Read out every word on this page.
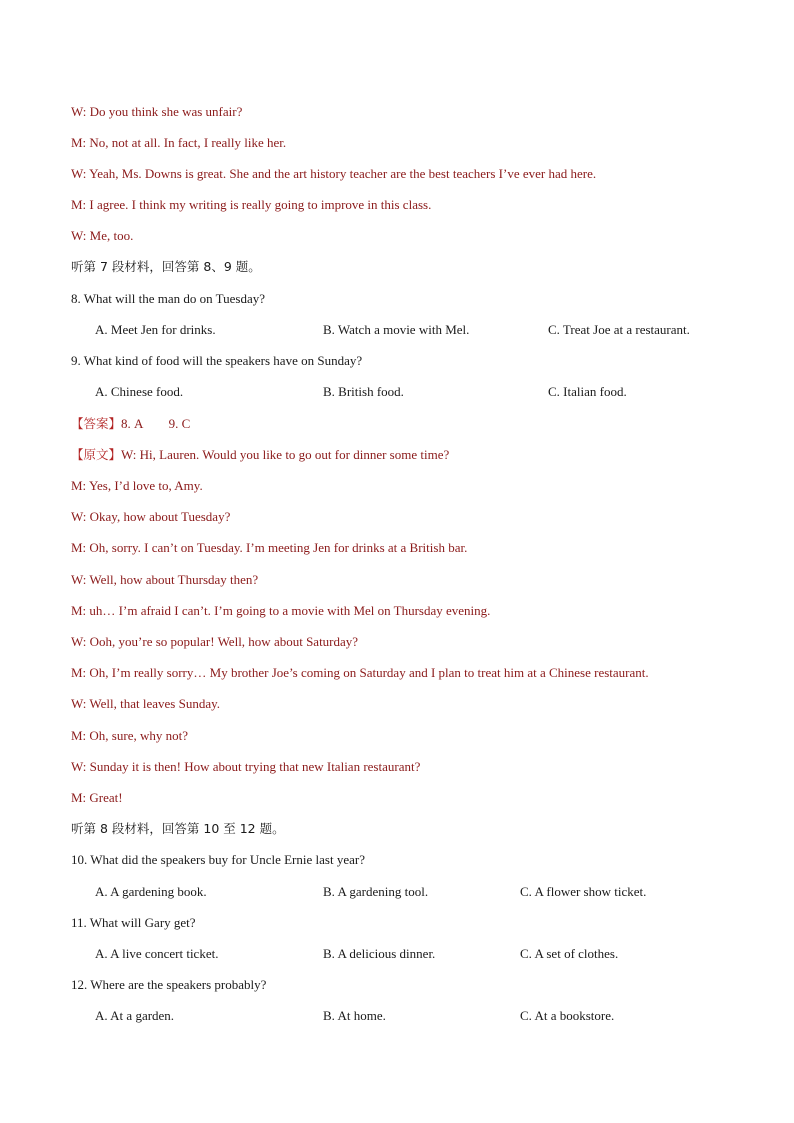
W: Do you think she was unfair?
M: No, not at all. In fact, I really like her.
W: Yeah, Ms. Downs is great. She and the art history teacher are the best teachers I’ve ever had here.
M: I agree. I think my writing is really going to improve in this class.
W: Me, too.
听第 7 段材料，回答第 8、9 题。
8. What will the man do on Tuesday?
A. Meet Jen for drinks.	B. Watch a movie with Mel.	C. Treat Joe at a restaurant.
9. What kind of food will the speakers have on Sunday?
A. Chinese food.	B. British food.	C. Italian food.
【答案】8. A        9. C
【原文】W: Hi, Lauren. Would you like to go out for dinner some time?
M: Yes, I’d love to, Amy.
W: Okay, how about Tuesday?
M: Oh, sorry. I can’t on Tuesday. I’m meeting Jen for drinks at a British bar.
W: Well, how about Thursday then?
M: uh… I’m afraid I can’t. I’m going to a movie with Mel on Thursday evening.
W: Ooh, you’re so popular! Well, how about Saturday?
M: Oh, I’m really sorry… My brother Joe’s coming on Saturday and I plan to treat him at a Chinese restaurant.
W: Well, that leaves Sunday.
M: Oh, sure, why not?
W: Sunday it is then! How about trying that new Italian restaurant?
M: Great!
听第 8 段材料，回答第 10 至 12 题。
10. What did the speakers buy for Uncle Ernie last year?
A. A gardening book.	B. A gardening tool.	C. A flower show ticket.
11. What will Gary get?
A. A live concert ticket.	B. A delicious dinner.	C. A set of clothes.
12. Where are the speakers probably?
A. At a garden.	B. At home.	C. At a bookstore.
